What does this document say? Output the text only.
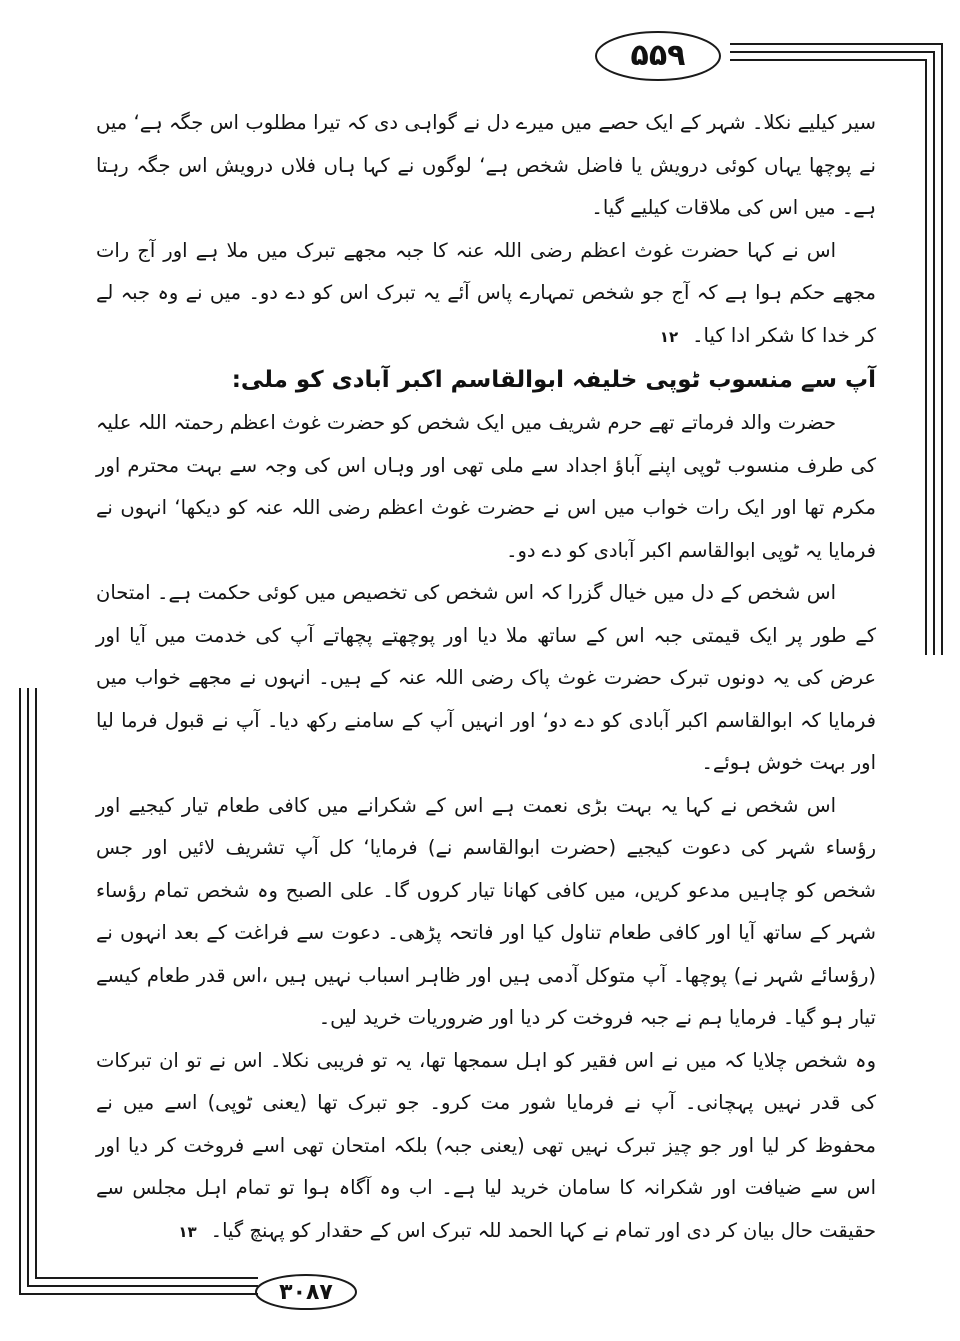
۵۵۹

سیر کیلیے نکلا۔ شہر کے ایک حصے میں میرے دل نے گواہی دی کہ تیرا مطلوب اس جگہ ہے‘ میں نے پوچھا یہاں کوئی درویش یا فاضل شخص ہے‘ لوگوں نے کہا ہاں فلاں درویش اس جگہ رہتا ہے۔ میں اس کی ملاقات کیلیے گیا۔

اس نے کہا حضرت غوث اعظم رضی اللہ عنہ کا جبہ مجھے تبرک میں ملا ہے اور آج رات مجھے حکم ہوا ہے کہ آج جو شخص تمہارے پاس آئے یہ تبرک اس کو دے دو۔ میں نے وہ جبہ لے کر خدا کا شکر ادا کیا۔۱۲

آپ سے منسوب ٹوپی خلیفہ ابوالقاسم اکبر آبادی کو ملی:

حضرت والد فرماتے تھے حرم شریف میں ایک شخص کو حضرت غوث اعظم رحمتہ اللہ علیہ کی طرف منسوب ٹوپی اپنے آباؤ اجداد سے ملی تھی اور وہاں اس کی وجہ سے بہت محترم اور مکرم تھا اور ایک رات خواب میں اس نے حضرت غوث اعظم رضی اللہ عنہ کو دیکھا‘ انہوں نے فرمایا یہ ٹوپی ابوالقاسم اکبر آبادی کو دے دو۔

اس شخص کے دل میں خیال گزرا کہ اس شخص کی تخصیص میں کوئی حکمت ہے۔ امتحان کے طور پر ایک قیمتی جبہ اس کے ساتھ ملا دیا اور پوچھتے پچھاتے آپ کی خدمت میں آیا اور عرض کی یہ دونوں تبرک حضرت غوث پاک رضی اللہ عنہ کے ہیں۔ انہوں نے مجھے خواب میں فرمایا کہ ابوالقاسم اکبر آبادی کو دے دو‘ اور انہیں آپ کے سامنے رکھ دیا۔ آپ نے قبول فرما لیا اور بہت خوش ہوئے۔

اس شخص نے کہا یہ بہت بڑی نعمت ہے اس کے شکرانے میں کافی طعام تیار کیجیے اور رؤساء شہر کی دعوت کیجیے (حضرت ابوالقاسم نے) فرمایا‘ کل آپ تشریف لائیں اور جس شخص کو چاہیں مدعو کریں، میں کافی کھانا تیار کروں گا۔ علی الصبح وہ شخص تمام رؤساء شہر کے ساتھ آیا اور کافی طعام تناول کیا اور فاتحہ پڑھی۔ دعوت سے فراغت کے بعد انہوں نے (رؤسائے شہر نے) پوچھا۔ آپ متوکل آدمی ہیں اور ظاہر اسباب نہیں ہیں ،اس قدر طعام کیسے تیار ہو گیا۔ فرمایا ہم نے جبہ فروخت کر دیا اور ضروریات خرید لیں۔

وہ شخص چلایا کہ میں نے اس فقیر کو اہل سمجھا تھا، یہ تو فریبی نکلا۔ اس نے تو ان تبرکات کی قدر نہیں پہچانی۔ آپ نے فرمایا شور مت کرو۔ جو تبرک تھا (یعنی ٹوپی) اسے میں نے محفوظ کر لیا اور جو چیز تبرک نہیں تھی (یعنی جبہ) بلکہ امتحان تھی اسے فروخت کر دیا اور اس سے ضیافت اور شکرانہ کا سامان خرید لیا ہے۔ اب وہ آگاہ ہوا تو تمام اہل مجلس سے حقیقت حال بیان کر دی اور تمام نے کہا الحمد للہ تبرک اس کے حقدار کو پہنچ گیا۔۱۳

۳۰۸۷
